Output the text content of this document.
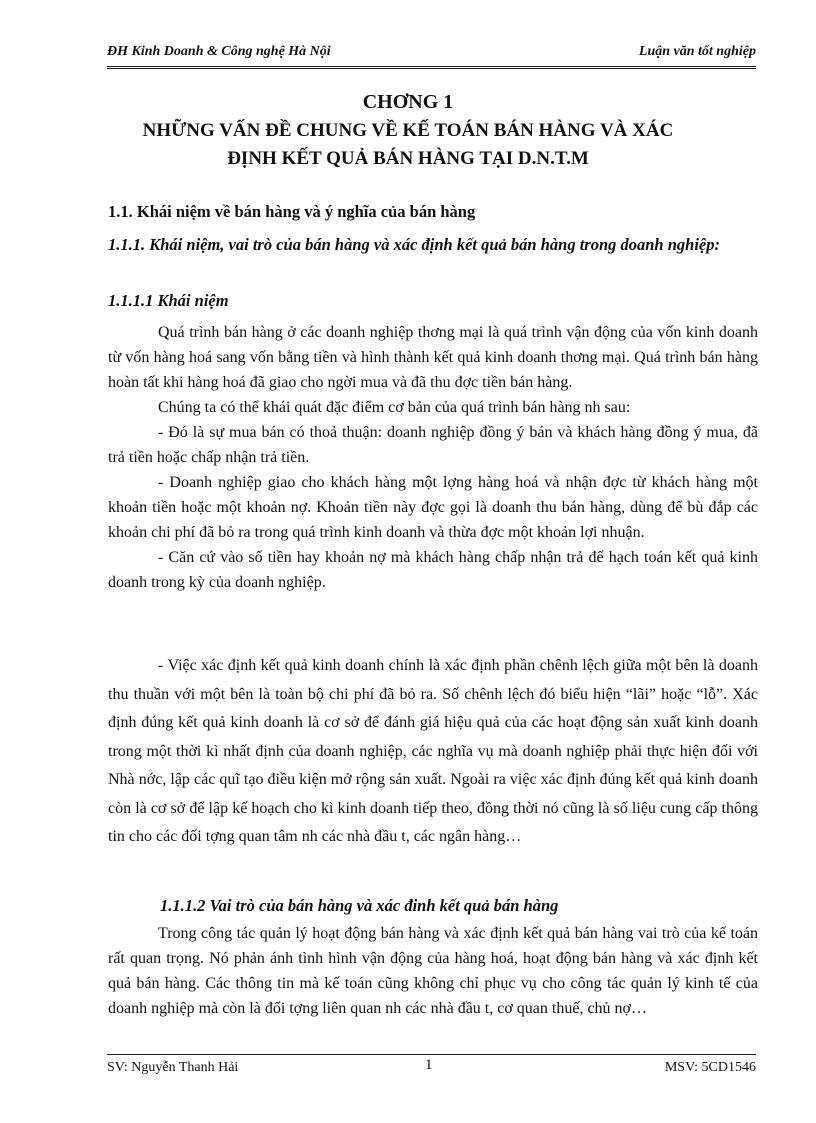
ĐH Kinh Doanh & Công nghệ Hà Nội	Luận văn tốt nghiệp
CHƠNG 1
NHỮNG VẤN ĐỀ CHUNG VỀ KẾ TOÁN BÁN HÀNG VÀ XÁC
ĐỊNH KẾT QUẢ BÁN HÀNG TẠI D.N.T.M
1.1. Khái niệm về bán hàng và ý nghĩa của bán hàng
1.1.1. Khái niệm, vai trò của bán hàng và xác định kết quả bán hàng trong doanh nghiệp:
1.1.1.1 Khái niệm

Quá trình bán hàng ở các doanh nghiệp thơng mại là quá trình vận động của vốn kinh doanh từ vốn hàng hoá sang vốn bằng tiền và hình thành kết quả kinh doanh thơng mại. Quá trình bán hàng hoàn tất khi hàng hoá đã giao cho ngời mua và đã thu đợc tiền bán hàng.

Chúng ta có thể khái quát đặc điểm cơ bản của quá trình bán hàng nh sau:

- Đó là sự mua bán có thoả thuận: doanh nghiệp đồng ý bán và khách hàng đồng ý mua, đã trả tiền hoặc chấp nhận trả tiền.

- Doanh nghiệp giao cho khách hàng một lợng hàng hoá và nhận đợc từ khách hàng một khoản tiền hoặc một khoản nợ. Khoản tiền này đợc gọi là doanh thu bán hàng, dùng để bù đắp các khoản chi phí đã bỏ ra trong quá trình kinh doanh và thừa đợc một khoản lợi nhuận.

- Căn cứ vào số tiền hay khoản nợ mà khách hàng chấp nhận trả để hạch toán kết quả kinh doanh trong kỳ của doanh nghiệp.

- Việc xác định kết quả kinh doanh chính là xác định phần chênh lệch giữa một bên là doanh thu thuần với một bên là toàn bộ chi phí đã bỏ ra. Số chênh lệch đó biểu hiện “lãi” hoặc “lỗ”. Xác định đúng kết quả kinh doanh là cơ sở để đánh giá hiệu quả của các hoạt động sản xuất kinh doanh trong một thời kì nhất định của doanh nghiệp, các nghĩa vụ mà doanh nghiệp phải thực hiện đối với Nhà nớc, lập các quĩ tạo điều kiện mở rộng sản xuất. Ngoài ra việc xác định đúng kết quả kinh doanh còn là cơ sở để lập kế hoạch cho kì kinh doanh tiếp theo, đồng thời nó cũng là số liệu cung cấp thông tin cho các đối tợng quan tâm nh các nhà đầu t, các ngân hàng…

1.1.1.2 Vai trò của bán hàng và xác đinh kết quả bán hàng

Trong công tác quản lý hoạt động bán hàng và xác định kết quả bán hàng vai trò của kế toán rất quan trọng. Nó phản ánh tình hình vận động của hàng hoá, hoạt động bán hàng và xác định kết quả bán hàng. Các thông tin mà kế toán cũng không chỉ phục vụ cho công tác quản lý kinh tế của doanh nghiệp mà còn là đối tợng liên quan nh các nhà đầu t, cơ quan thuế, chủ nợ…

SV: Nguyễn Thanh Hải	1	MSV: 5CD1546
